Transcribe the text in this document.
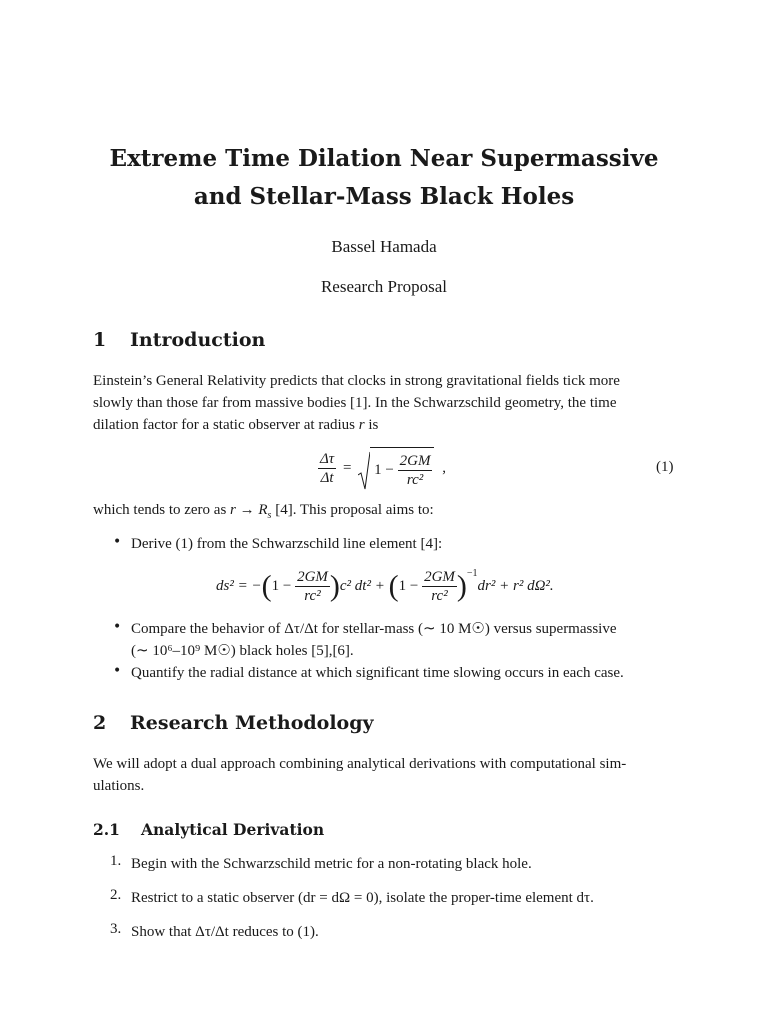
Extreme Time Dilation Near Supermassive
and Stellar-Mass Black Holes
Bassel Hamada
Research Proposal
1 Introduction
Einstein’s General Relativity predicts that clocks in strong gravitational fields tick more
slowly than those far from massive bodies [1]. In the Schwarzschild geometry, the time
dilation factor for a static observer at radius r is
$\frac{\Delta\tau}{\Delta t} = 1 - \frac{2GM}{\text{rc²}}$ ,	(1)
which tends to zero as $r \to R_s$ [4]. This proposal aims to:
• Derive (1) from the Schwarzschild line element [4]:
$ds^2 = -(1 - \frac{2GM}{\text{rc²}} )c^2$ $dt^2 + (1 - \frac{2GM}{\text{rc²}} )^{-1}dr^2 + r^2$ dΩ².
• Compare the behavior of Δτ/Δt for stellar-mass (∼ 10 M☉) versus supermassive
(∼ 10⁶–10⁹ M☉) black holes [5],[6].
• Quantify the radial distance at which significant time slowing occurs in each case.
2 Research Methodology
We will adopt a dual approach combining analytical derivations with computational sim-
ulations.
2.1 Analytical Derivation
1. Begin with the Schwarzschild metric for a non-rotating black hole.
2. Restrict to a static observer (dr = dΩ = 0), isolate the proper-time element dτ.
3. Show that Δτ/Δt reduces to (1).
